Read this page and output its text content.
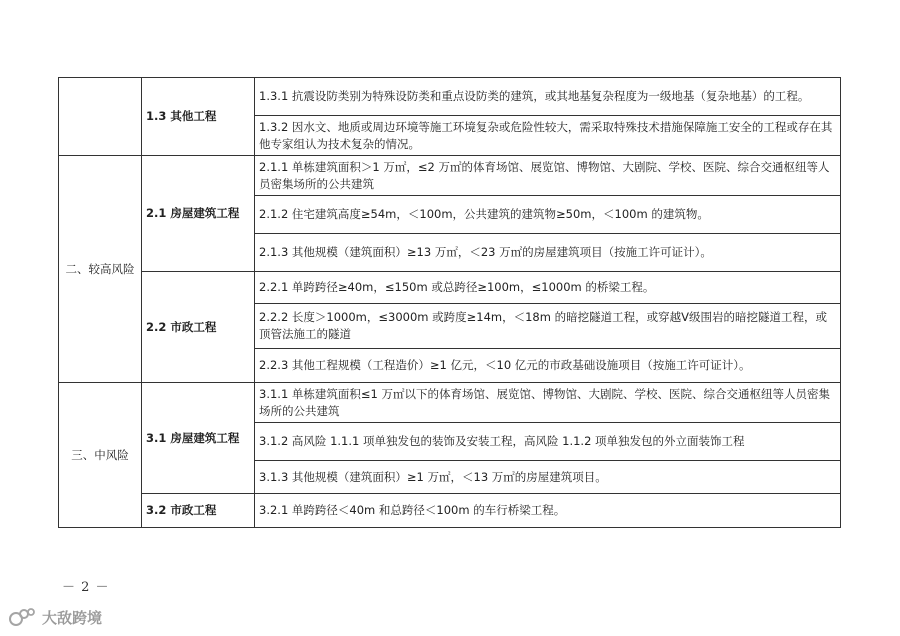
	1.3 其他工程	1.3.1 抗震设防类别为特殊设防类和重点设防类的建筑，或其地基复杂程度为一级地基（复杂地基）的工程。
		1.3.2 因水文、地质或周边环境等施工环境复杂或危险性较大，需采取特殊技术措施保障施工安全的工程或存在其他专家组认为技术复杂的情况。
二、较高风险	2.1 房屋建筑工程	2.1.1 单栋建筑面积＞1 万㎡，≤2 万㎡的体育场馆、展览馆、博物馆、大剧院、学校、医院、综合交通枢纽等人员密集场所的公共建筑
		2.1.2 住宅建筑高度≥54m，＜100m，公共建筑的建筑物≥50m，＜100m 的建筑物。
		2.1.3 其他规模（建筑面积）≥13 万㎡，＜23 万㎡的房屋建筑项目（按施工许可证计）。
	2.2 市政工程	2.2.1 单跨跨径≥40m，≤150m 或总跨径≥100m，≤1000m 的桥梁工程。
		2.2.2 长度＞1000m，≤3000m 或跨度≥14m，＜18m 的暗挖隧道工程，或穿越Ⅴ级围岩的暗挖隧道工程，或顶管法施工的隧道
		2.2.3 其他工程规模（工程造价）≥1 亿元，＜10 亿元的市政基础设施项目（按施工许可证计）。
三、中风险	3.1 房屋建筑工程	3.1.1 单栋建筑面积≤1 万㎡以下的体育场馆、展览馆、博物馆、大剧院、学校、医院、综合交通枢纽等人员密集场所的公共建筑
		3.1.2 高风险 1.1.1 项单独发包的装饰及安装工程，高风险 1.1.2 项单独发包的外立面装饰工程
		3.1.3 其他规模（建筑面积）≥1 万㎡，＜13 万㎡的房屋建筑项目。
	3.2 市政工程	3.2.1 单跨跨径＜40m 和总跨径＜100m 的车行桥梁工程。
－ 2 －
大敌跨境
